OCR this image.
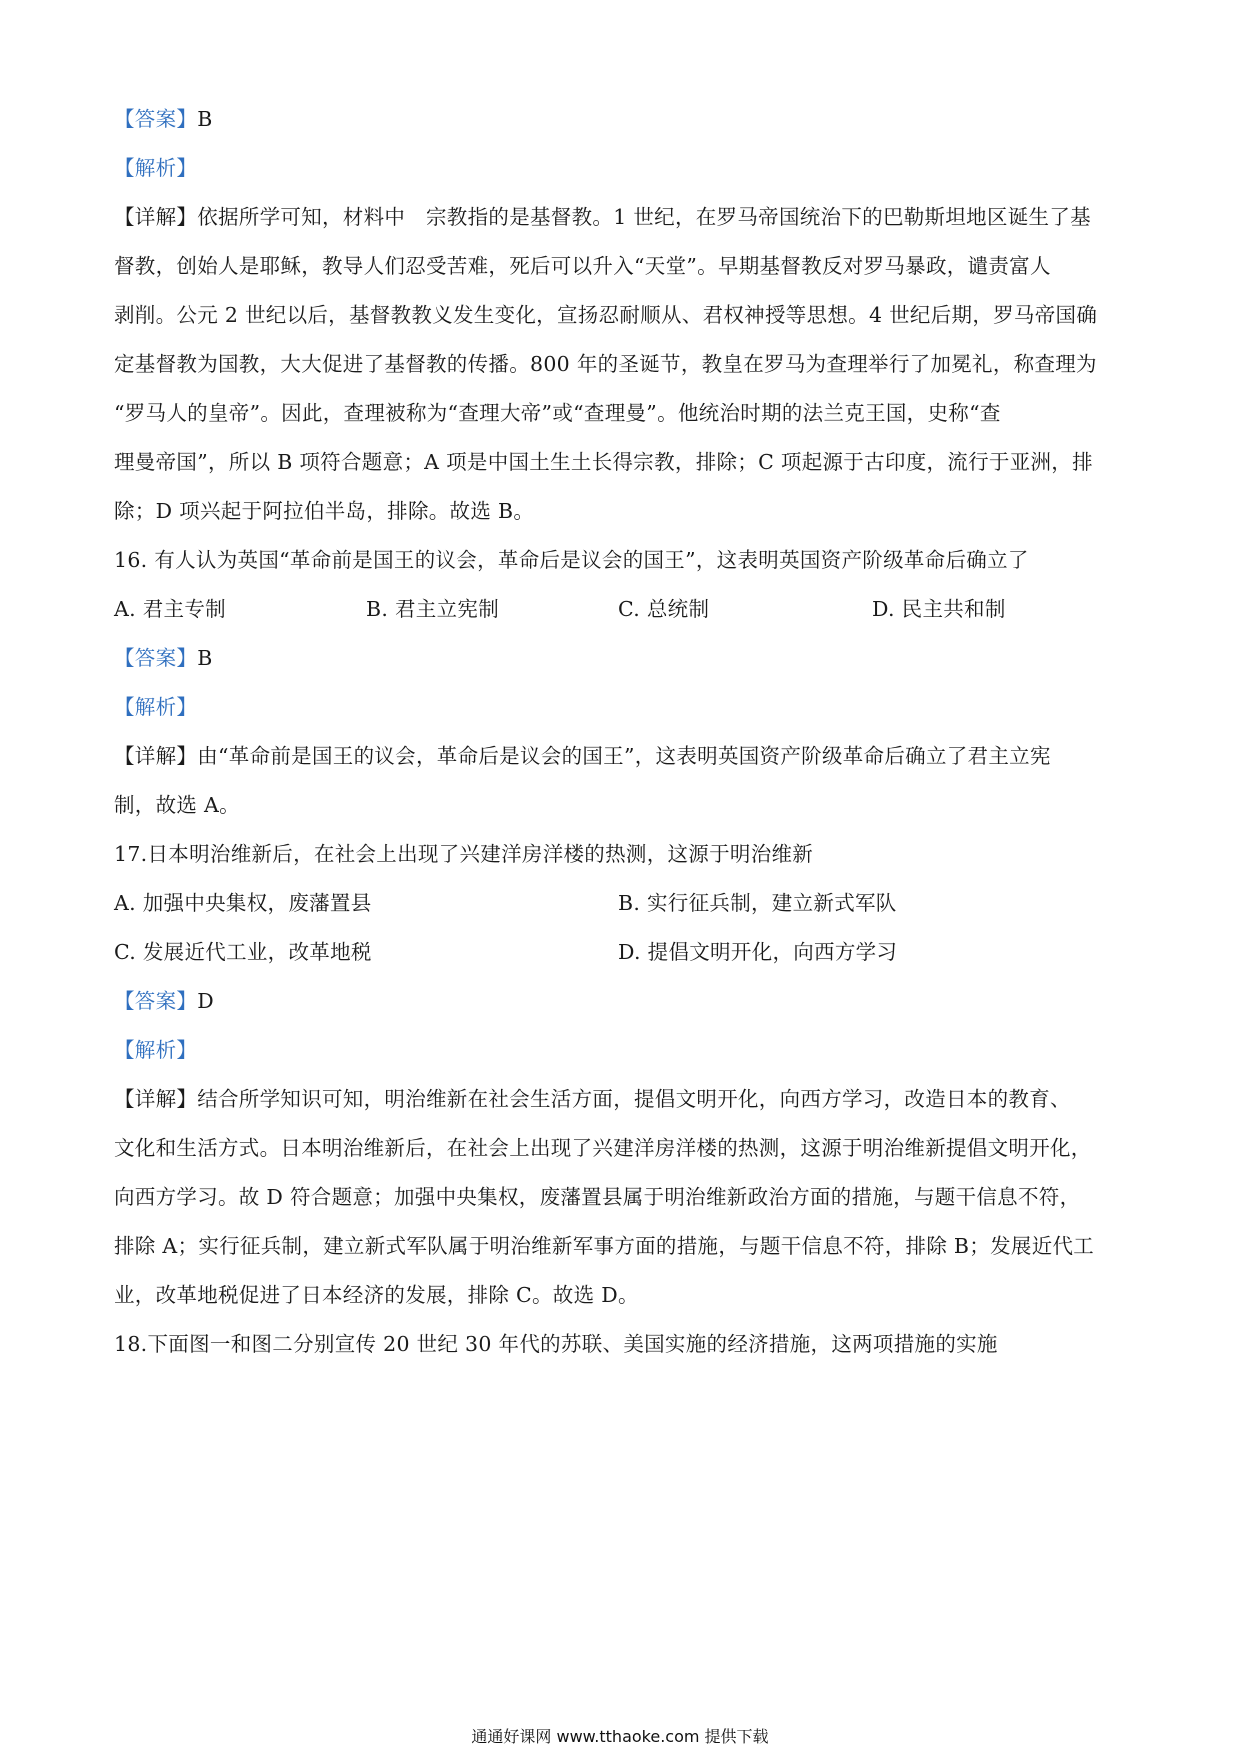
【答案】B
【解析】
【详解】依据所学可知，材料中　宗教指的是基督教。1 世纪，在罗马帝国统治下的巴勒斯坦地区诞生了基
督教，创始人是耶稣，教导人们忍受苦难，死后可以升入“天堂”。早期基督教反对罗马暴政，谴责富人
剥削。公元 2 世纪以后，基督教教义发生变化，宣扬忍耐顺从、君权神授等思想。4 世纪后期，罗马帝国确
定基督教为国教，大大促进了基督教的传播。800 年的圣诞节，教皇在罗马为查理举行了加冕礼，称查理为
“罗马人的皇帝”。因此，查理被称为“查理大帝”或“查理曼”。他统治时期的法兰克王国，史称“查
理曼帝国”，所以 B 项符合题意；A 项是中国土生土长得宗教，排除；C 项起源于古印度，流行于亚洲，排
除；D 项兴起于阿拉伯半岛，排除。故选 B。
16. 有人认为英国“革命前是国王的议会，革命后是议会的国王”，这表明英国资产阶级革命后确立了
A. 君主专制	B. 君主立宪制	C. 总统制	D. 民主共和制
【答案】B
【解析】
【详解】由“革命前是国王的议会，革命后是议会的国王”，这表明英国资产阶级革命后确立了君主立宪
制，故选 A。
17.日本明治维新后，在社会上出现了兴建洋房洋楼的热测，这源于明治维新
A. 加强中央集权，废藩置县	B. 实行征兵制，建立新式军队
C. 发展近代工业，改革地税	D. 提倡文明开化，向西方学习
【答案】D
【解析】
【详解】结合所学知识可知，明治维新在社会生活方面，提倡文明开化，向西方学习，改造日本的教育、
文化和生活方式。日本明治维新后，在社会上出现了兴建洋房洋楼的热测，这源于明治维新提倡文明开化，
向西方学习。故 D 符合题意；加强中央集权，废藩置县属于明治维新政治方面的措施，与题干信息不符，
排除 A；实行征兵制，建立新式军队属于明治维新军事方面的措施，与题干信息不符，排除 B；发展近代工
业，改革地税促进了日本经济的发展，排除 C。故选 D。
18.下面图一和图二分别宣传 20 世纪 30 年代的苏联、美国实施的经济措施，这两项措施的实施
通通好课网 www.tthaoke.com 提供下载
